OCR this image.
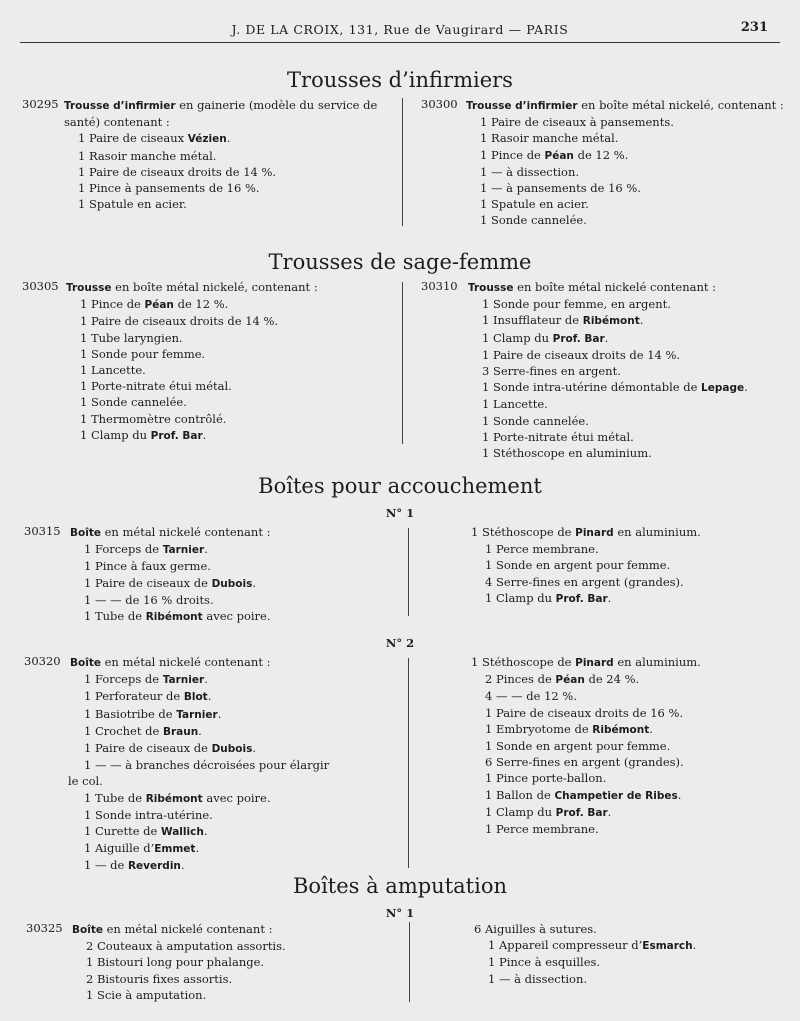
J. DE LA CROIX, 131, Rue de Vaugirard — PARIS	231
Trousses d’infirmiers
30295 Trousse d’infirmier en gainerie (modèle du service de
santé) contenant :
1 Paire de ciseaux Vézien.
1 Rasoir manche métal.
1 Paire de ciseaux droits de 14 %.
1 Pince à pansements de 16 %.
1 Spatule en acier.
30300 Trousse d’infirmier en boîte métal nickelé, contenant :
1 Paire de ciseaux à pansements.
1 Rasoir manche métal.
1 Pince de Péan de 12 %.
1 — à dissection.
1 — à pansements de 16 %.
1 Spatule en acier.
1 Sonde cannelée.
Trousses de sage-femme
30305 Trousse en boîte métal nickelé, contenant :
1 Pince de Péan de 12 %.
1 Paire de ciseaux droits de 14 %.
1 Tube laryngien.
1 Sonde pour femme.
1 Lancette.
1 Porte-nitrate étui métal.
1 Sonde cannelée.
1 Thermomètre contrôlé.
1 Clamp du Prof. Bar.
30310 Trousse en boîte métal nickelé contenant :
1 Sonde pour femme, en argent.
1 Insufflateur de Ribémont.
1 Clamp du Prof. Bar.
1 Paire de ciseaux droits de 14 %.
3 Serre-fines en argent.
1 Sonde intra-utérine démontable de Lepage.
1 Lancette.
1 Sonde cannelée.
1 Porte-nitrate étui métal.
1 Stéthoscope en aluminium.
Boîtes pour accouchement
N° 1
30315 Boîte en métal nickelé contenant :
1 Forceps de Tarnier.
1 Pince à faux germe.
1 Paire de ciseaux de Dubois.
1 — — de 16 % droits.
1 Tube de Ribémont avec poire.
1 Stéthoscope de Pinard en aluminium.
1 Perce membrane.
1 Sonde en argent pour femme.
4 Serre-fines en argent (grandes).
1 Clamp du Prof. Bar.
N° 2
30320 Boîte en métal nickelé contenant :
1 Forceps de Tarnier.
1 Perforateur de Blot.
1 Basiotribe de Tarnier.
1 Crochet de Braun.
1 Paire de ciseaux de Dubois.
1 — — à branches décroisées pour élargir
le col.
1 Tube de Ribémont avec poire.
1 Sonde intra-utérine.
1 Curette de Wallich.
1 Aiguille d’Emmet.
1 — de Reverdin.
1 Stéthoscope de Pinard en aluminium.
2 Pinces de Péan de 24 %.
4 — — de 12 %.
1 Paire de ciseaux droits de 16 %.
1 Embryotome de Ribémont.
1 Sonde en argent pour femme.
6 Serre-fines en argent (grandes).
1 Pince porte-ballon.
1 Ballon de Champetier de Ribes.
1 Clamp du Prof. Bar.
1 Perce membrane.
Boîtes à amputation
N° 1
30325 Boîte en métal nickelé contenant :
2 Couteaux à amputation assortis.
1 Bistouri long pour phalange.
2 Bistouris fixes assortis.
1 Scie à amputation.
6 Aiguilles à sutures.
1 Appareil compresseur d’Esmarch.
1 Pince à esquilles.
1 — à dissection.
